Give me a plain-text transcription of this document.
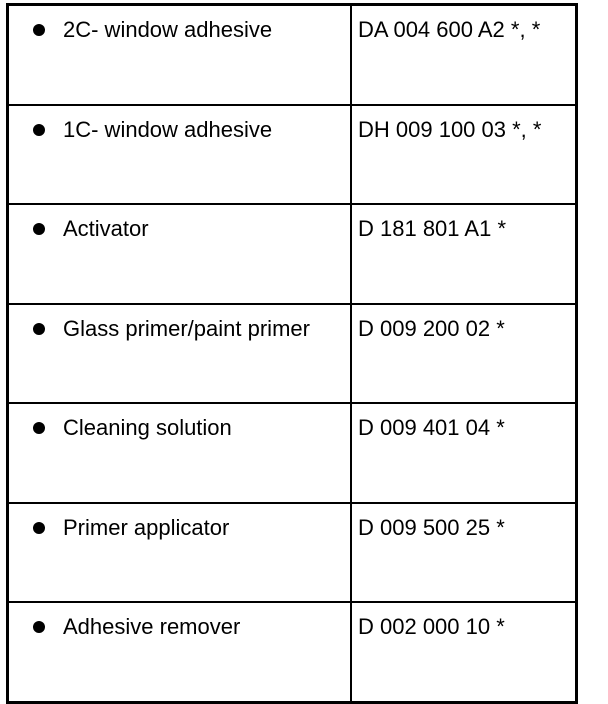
2C- window adhesive	DA 004 600 A2 *, *

1C- window adhesive	DH 009 100 03 *, *

Activator	D 181 801 A1 *

Glass primer/paint primer	D 009 200 02 *

Cleaning solution	D 009 401 04 *

Primer applicator	D 009 500 25 *

Adhesive remover	D 002 000 10 *
